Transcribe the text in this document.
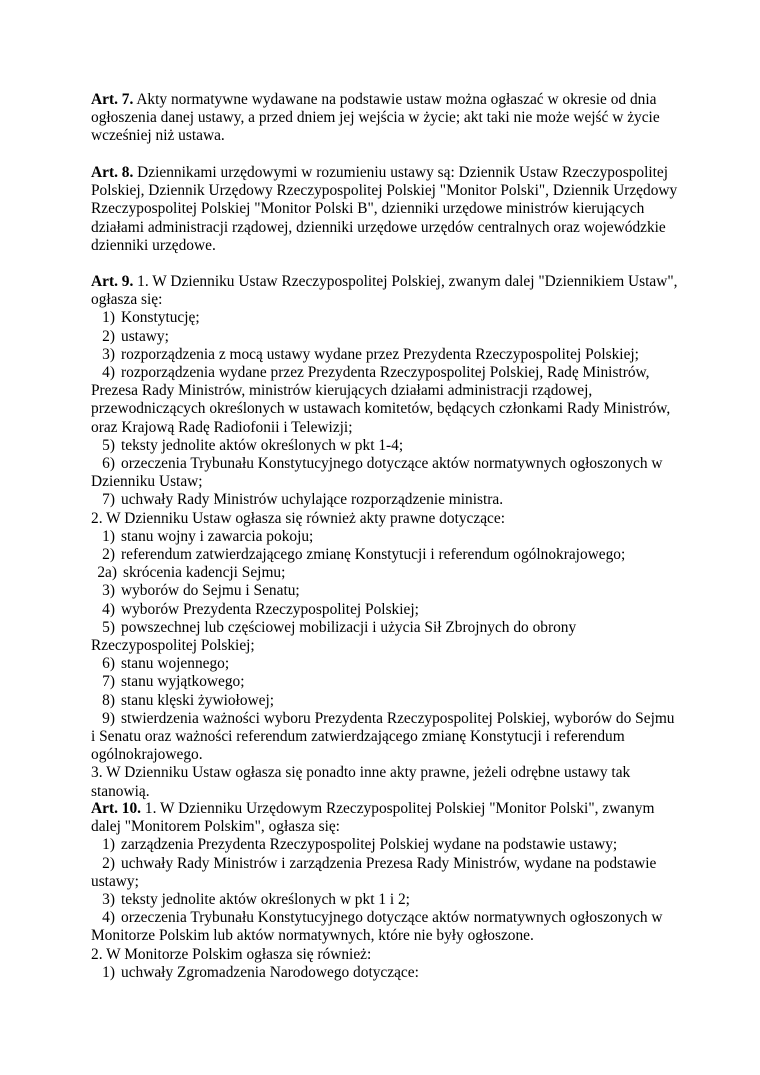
Art. 7. Akty normatywne wydawane na podstawie ustaw można ogłaszać w okresie od dnia ogłoszenia danej ustawy, a przed dniem jej wejścia w życie; akt taki nie może wejść w życie wcześniej niż ustawa.

Art. 8. Dziennikami urzędowymi w rozumieniu ustawy są: Dziennik Ustaw Rzeczypospolitej Polskiej, Dziennik Urzędowy Rzeczypospolitej Polskiej "Monitor Polski", Dziennik Urzędowy Rzeczypospolitej Polskiej "Monitor Polski B", dzienniki urzędowe ministrów kierujących działami administracji rządowej, dzienniki urzędowe urzędów centralnych oraz wojewódzkie dzienniki urzędowe.

Art. 9. 1. W Dzienniku Ustaw Rzeczypospolitej Polskiej, zwanym dalej "Dziennikiem Ustaw", ogłasza się:

1) Konstytucję;

2) ustawy;

3) rozporządzenia z mocą ustawy wydane przez Prezydenta Rzeczypospolitej Polskiej;

4) rozporządzenia wydane przez Prezydenta Rzeczypospolitej Polskiej, Radę Ministrów, Prezesa Rady Ministrów, ministrów kierujących działami administracji rządowej, przewodniczących określonych w ustawach komitetów, będących członkami Rady Ministrów, oraz Krajową Radę Radiofonii i Telewizji;

5) teksty jednolite aktów określonych w pkt 1-4;

6) orzeczenia Trybunału Konstytucyjnego dotyczące aktów normatywnych ogłoszonych w Dzienniku Ustaw;

7) uchwały Rady Ministrów uchylające rozporządzenie ministra.

2. W Dzienniku Ustaw ogłasza się również akty prawne dotyczące:

1) stanu wojny i zawarcia pokoju;

2) referendum zatwierdzającego zmianę Konstytucji i referendum ogólnokrajowego;

2a) skrócenia kadencji Sejmu;

3) wyborów do Sejmu i Senatu;

4) wyborów Prezydenta Rzeczypospolitej Polskiej;

5) powszechnej lub częściowej mobilizacji i użycia Sił Zbrojnych do obrony Rzeczypospolitej Polskiej;

6) stanu wojennego;

7) stanu wyjątkowego;

8) stanu klęski żywiołowej;

9) stwierdzenia ważności wyboru Prezydenta Rzeczypospolitej Polskiej, wyborów do Sejmu i Senatu oraz ważności referendum zatwierdzającego zmianę Konstytucji i referendum ogólnokrajowego.

3. W Dzienniku Ustaw ogłasza się ponadto inne akty prawne, jeżeli odrębne ustawy tak stanowią.

Art. 10. 1. W Dzienniku Urzędowym Rzeczypospolitej Polskiej "Monitor Polski", zwanym dalej "Monitorem Polskim", ogłasza się:

1) zarządzenia Prezydenta Rzeczypospolitej Polskiej wydane na podstawie ustawy;

2) uchwały Rady Ministrów i zarządzenia Prezesa Rady Ministrów, wydane na podstawie ustawy;

3) teksty jednolite aktów określonych w pkt 1 i 2;

4) orzeczenia Trybunału Konstytucyjnego dotyczące aktów normatywnych ogłoszonych w Monitorze Polskim lub aktów normatywnych, które nie były ogłoszone.

2. W Monitorze Polskim ogłasza się również:

1) uchwały Zgromadzenia Narodowego dotyczące:
